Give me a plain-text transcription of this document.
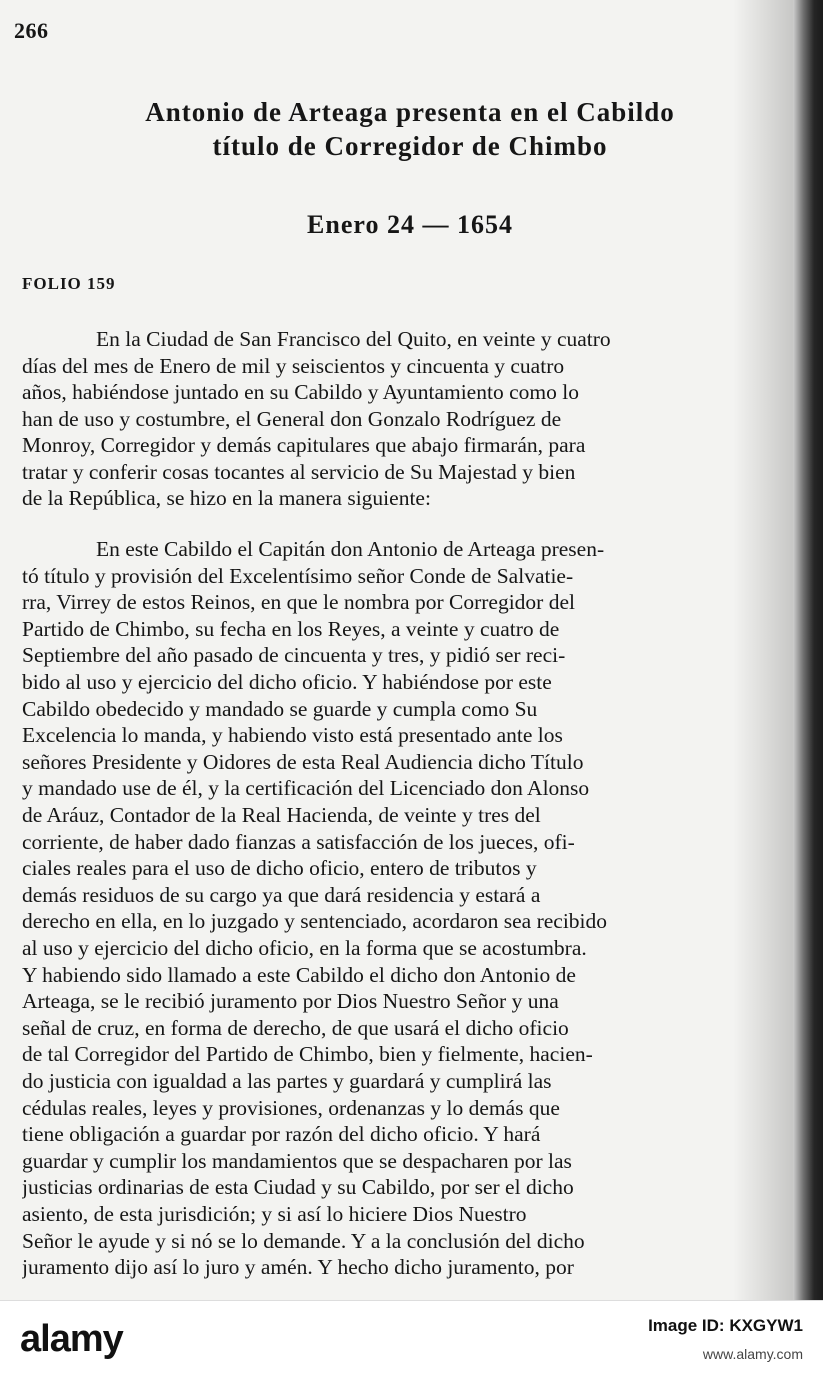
266
Antonio de Arteaga presenta en el Cabildo
título de Corregidor de Chimbo
Enero 24 — 1654
FOLIO 159
En la Ciudad de San Francisco del Quito, en veinte y cuatro
días del mes de Enero de mil y seiscientos y cincuenta y cuatro
años, habiéndose juntado en su Cabildo y Ayuntamiento como lo
han de uso y costumbre, el General don Gonzalo Rodríguez de
Monroy, Corregidor y demás capitulares que abajo firmarán, para
tratar y conferir cosas tocantes al servicio de Su Majestad y bien
de la República, se hizo en la manera siguiente:
En este Cabildo el Capitán don Antonio de Arteaga presen-
tó título y provisión del Excelentísimo señor Conde de Salvatie-
rra, Virrey de estos Reinos, en que le nombra por Corregidor del
Partido de Chimbo, su fecha en los Reyes, a veinte y cuatro de
Septiembre del año pasado de cincuenta y tres, y pidió ser reci-
bido al uso y ejercicio del dicho oficio. Y habiéndose por este
Cabildo obedecido y mandado se guarde y cumpla como Su
Excelencia lo manda, y habiendo visto está presentado ante los
señores Presidente y Oidores de esta Real Audiencia dicho Título
y mandado use de él, y la certificación del Licenciado don Alonso
de Aráuz, Contador de la Real Hacienda, de veinte y tres del
corriente, de haber dado fianzas a satisfacción de los jueces, ofi-
ciales reales para el uso de dicho oficio, entero de tributos y
demás residuos de su cargo ya que dará residencia y estará a
derecho en ella, en lo juzgado y sentenciado, acordaron sea recibido
al uso y ejercicio del dicho oficio, en la forma que se acostumbra.
Y habiendo sido llamado a este Cabildo el dicho don Antonio de
Arteaga, se le recibió juramento por Dios Nuestro Señor y una
señal de cruz, en forma de derecho, de que usará el dicho oficio
de tal Corregidor del Partido de Chimbo, bien y fielmente, hacien-
do justicia con igualdad a las partes y guardará y cumplirá las
cédulas reales, leyes y provisiones, ordenanzas y lo demás que
tiene obligación a guardar por razón del dicho oficio. Y hará
guardar y cumplir los mandamientos que se despacharen por las
justicias ordinarias de esta Ciudad y su Cabildo, por ser el dicho
asiento, de esta jurisdición; y si así lo hiciere Dios Nuestro
Señor le ayude y si nó se lo demande. Y a la conclusión del dicho
juramento dijo así lo juro y amén. Y hecho dicho juramento, por
alamy	Image ID: KXGYW1
www.alamy.com
